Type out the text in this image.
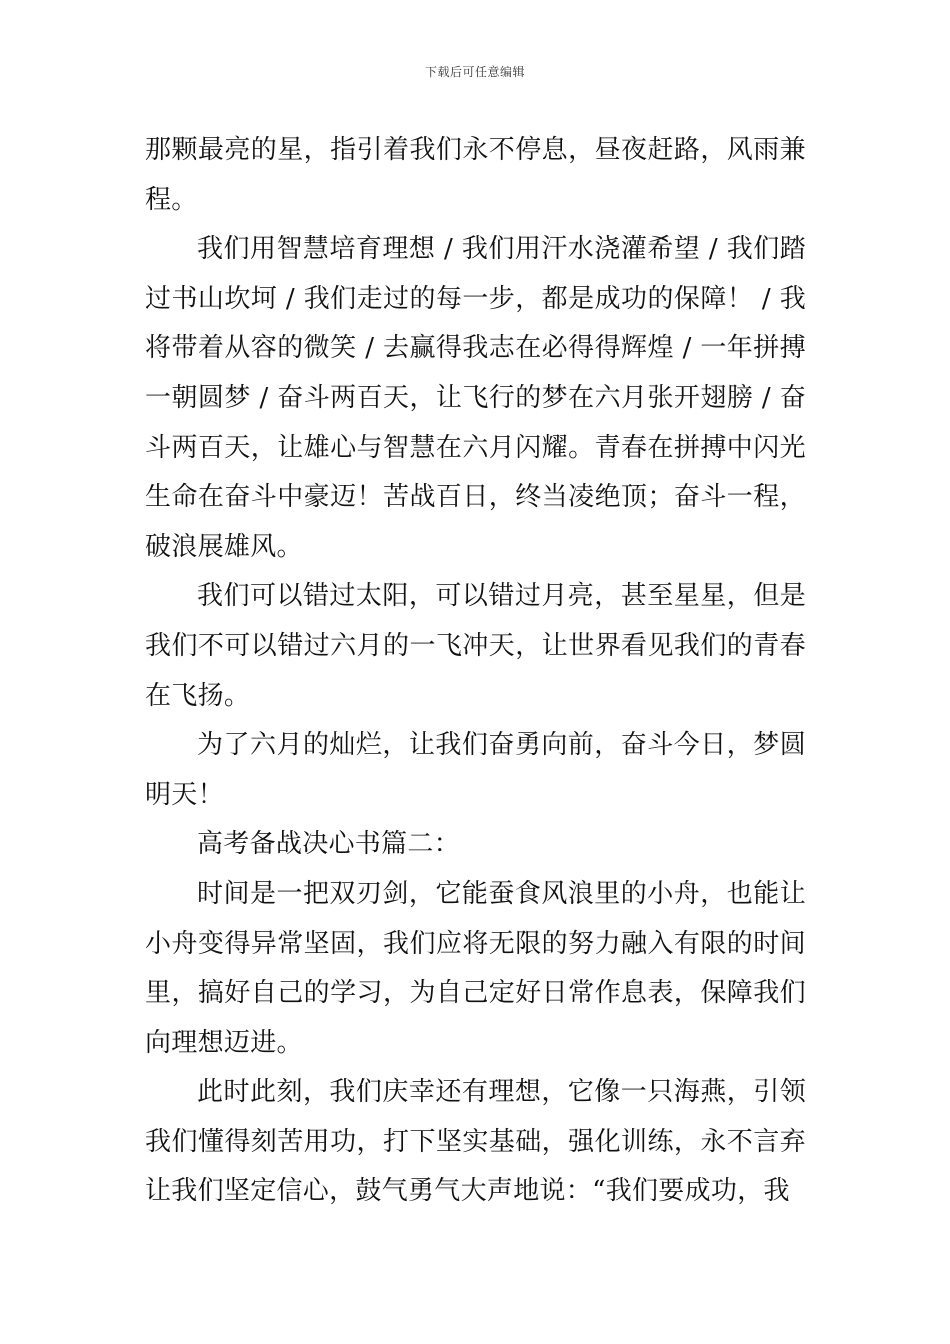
下载后可任意编辑

那颗最亮的星，指引着我们永不停息，昼夜赶路，风雨兼程。

我们用智慧培育理想 / 我们用汗水浇灌希望 / 我们踏过书山坎坷 / 我们走过的每一步，都是成功的保障！ / 我将带着从容的微笑 / 去赢得我志在必得得辉煌 / 一年拼搏一朝圆梦 / 奋斗两百天，让飞行的梦在六月张开翅膀 / 奋斗两百天，让雄心与智慧在六月闪耀。青春在拼搏中闪光生命在奋斗中豪迈！苦战百日，终当凌绝顶；奋斗一程，破浪展雄风。

我们可以错过太阳，可以错过月亮，甚至星星，但是我们不可以错过六月的一飞冲天，让世界看见我们的青春在飞扬。

为了六月的灿烂，让我们奋勇向前，奋斗今日，梦圆明天！

高考备战决心书篇二：

时间是一把双刃剑，它能蚕食风浪里的小舟，也能让小舟变得异常坚固，我们应将无限的努力融入有限的时间里，搞好自己的学习，为自己定好日常作息表，保障我们向理想迈进。

此时此刻，我们庆幸还有理想，它像一只海燕，引领我们懂得刻苦用功，打下坚实基础，强化训练，永不言弃让我们坚定信心，鼓气勇气大声地说：“我们要成功，我
